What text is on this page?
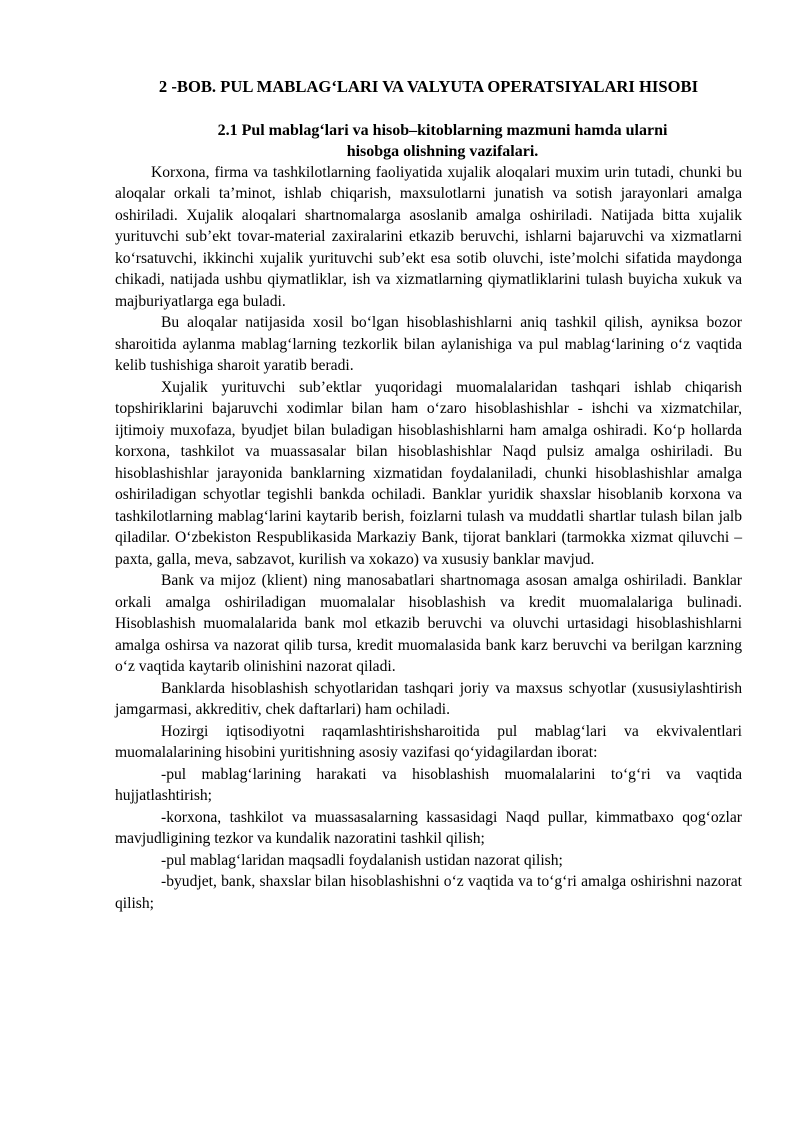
2 -BOB. PUL MABLAG‘LARI VA VALYUTA OPERATSIYALARI HISOBI
2.1 Pul mablag‘lari va hisob–kitoblarning mazmuni hamda ularni
hisobga olishning vazifalari.

Korxona, firma va tashkilotlarning faoliyatida xujalik aloqalari muxim urin tutadi, chunki bu aloqalar orkali ta’minot, ishlab chiqarish, maxsulotlarni junatish va sotish jarayonlari amalga oshiriladi. Xujalik aloqalari shartnomalarga asoslanib amalga oshiriladi. Natijada bitta xujalik yurituvchi sub’ekt tovar-material zaxiralarini etkazib beruvchi, ishlarni bajaruvchi va xizmatlarni ko‘rsatuvchi, ikkinchi xujalik yurituvchi sub’ekt esa sotib oluvchi, iste’molchi sifatida maydonga chikadi, natijada ushbu qiymatliklar, ish va xizmatlarning qiymatliklarini tulash buyicha xukuk va majburiyatlarga ega buladi.

Bu aloqalar natijasida xosil bo‘lgan hisoblashishlarni aniq tashkil qilish, ayniksa bozor sharoitida aylanma mablag‘larning tezkorlik bilan aylanishiga va pul mablag‘larining o‘z vaqtida kelib tushishiga sharoit yaratib beradi.

Xujalik yurituvchi sub’ektlar yuqoridagi muomalalaridan tashqari ishlab chiqarish topshiriklarini bajaruvchi xodimlar bilan ham o‘zaro hisoblashishlar - ishchi va xizmatchilar, ijtimoiy muxofaza, byudjet bilan buladigan hisoblashishlarni ham amalga oshiradi. Ko‘p hollarda korxona, tashkilot va muassasalar bilan hisoblashishlar Naqd pulsiz amalga oshiriladi. Bu hisoblashishlar jarayonida banklarning xizmatidan foydalaniladi, chunki hisoblashishlar amalga oshiriladigan schyotlar tegishli bankda ochiladi. Banklar yuridik shaxslar hisoblanib korxona va tashkilotlarning mablag‘larini kaytarib berish, foizlarni tulash va muddatli shartlar tulash bilan jalb qiladilar. O‘zbekiston Respublikasida Markaziy Bank, tijorat banklari (tarmokka xizmat qiluvchi – paxta, galla, meva, sabzavot, kurilish va xokazo) va xususiy banklar mavjud.

Bank va mijoz (klient) ning manosabatlari shartnomaga asosan amalga oshiriladi. Banklar orkali amalga oshiriladigan muomalalar hisoblashish va kredit muomalalariga bulinadi. Hisoblashish muomalalarida bank mol etkazib beruvchi va oluvchi urtasidagi hisoblashishlarni amalga oshirsa va nazorat qilib tursa, kredit muomalasida bank karz beruvchi va berilgan karzning o‘z vaqtida kaytarib olinishini nazorat qiladi.

Banklarda hisoblashish schyotlaridan tashqari joriy va maxsus schyotlar (xususiylashtirish jamgarmasi, akkreditiv, chek daftarlari) ham ochiladi.

Hozirgi iqtisodiyotni raqamlashtirishsharoitida pul mablag‘lari va ekvivalentlari muomalalarining hisobini yuritishning asosiy vazifasi qo‘yidagilardan iborat:

-pul mablag‘larining harakati va hisoblashish muomalalarini to‘g‘ri va vaqtida hujjatlashtirish;

-korxona, tashkilot va muassasalarning kassasidagi Naqd pullar, kimmatbaxo qog‘ozlar mavjudligining tezkor va kundalik nazoratini tashkil qilish;

-pul mablag‘laridan maqsadli foydalanish ustidan nazorat qilish;

-byudjet, bank, shaxslar bilan hisoblashishni o‘z vaqtida va to‘g‘ri amalga oshirishni nazorat qilish;
